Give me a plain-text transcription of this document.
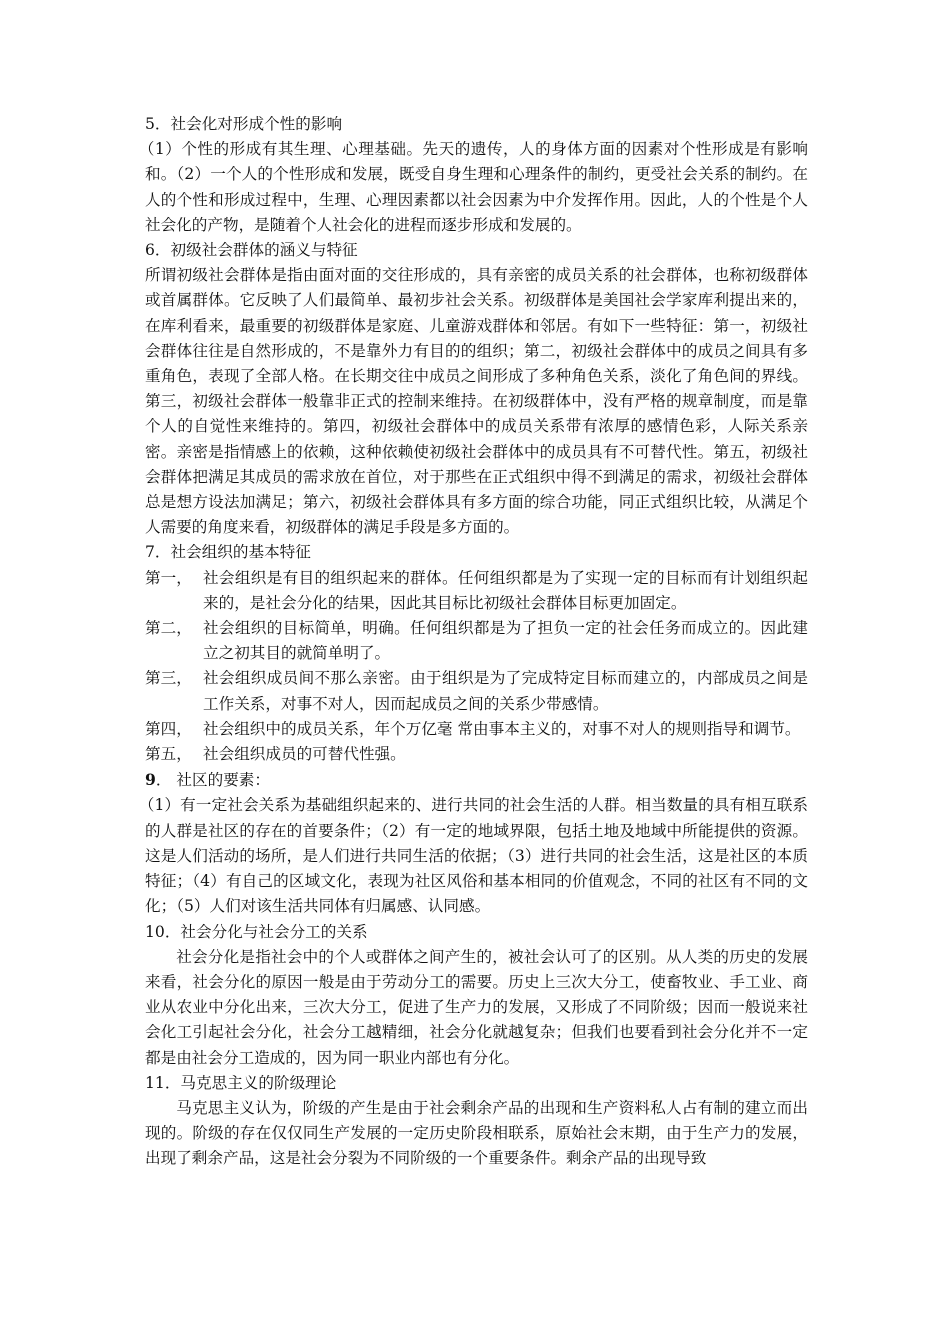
5．社会化对形成个性的影响

（1）个性的形成有其生理、心理基础。先天的遗传，人的身体方面的因素对个性形成是有影响和。（2）一个人的个性形成和发展，既受自身生理和心理条件的制约，更受社会关系的制约。在人的个性和形成过程中，生理、心理因素都以社会因素为中介发挥作用。因此，人的个性是个人社会化的产物，是随着个人社会化的进程而逐步形成和发展的。

6．初级社会群体的涵义与特征

所谓初级社会群体是指由面对面的交往形成的，具有亲密的成员关系的社会群体，也称初级群体或首属群体。它反映了人们最简单、最初步社会关系。初级群体是美国社会学家库利提出来的，在库利看来，最重要的初级群体是家庭、儿童游戏群体和邻居。有如下一些特征：第一，初级社会群体往往是自然形成的，不是靠外力有目的的组织；第二，初级社会群体中的成员之间具有多重角色，表现了全部人格。在长期交往中成员之间形成了多种角色关系，淡化了角色间的界线。第三，初级社会群体一般靠非正式的控制来维持。在初级群体中，没有严格的规章制度，而是靠个人的自觉性来维持的。第四，初级社会群体中的成员关系带有浓厚的感情色彩，人际关系亲密。亲密是指情感上的依赖，这种依赖使初级社会群体中的成员具有不可替代性。第五，初级社会群体把满足其成员的需求放在首位，对于那些在正式组织中得不到满足的需求，初级社会群体总是想方设法加满足；第六，初级社会群体具有多方面的综合功能，同正式组织比较，从满足个人需要的角度来看，初级群体的满足手段是多方面的。

7．社会组织的基本特征

第一， 社会组织是有目的组织起来的群体。任何组织都是为了实现一定的目标而有计划组织起来的，是社会分化的结果，因此其目标比初级社会群体目标更加固定。
第二， 社会组织的目标简单，明确。任何组织都是为了担负一定的社会任务而成立的。因此建立之初其目的就简单明了。
第三， 社会组织成员间不那么亲密。由于组织是为了完成特定目标而建立的，内部成员之间是工作关系，对事不对人，因而起成员之间的关系少带感情。
第四， 社会组织中的成员关系，年个万亿毫 常由事本主义的，对事不对人的规则指导和调节。
第五， 社会组织成员的可替代性强。

9． 社区的要素：

（1）有一定社会关系为基础组织起来的、进行共同的社会生活的人群。相当数量的具有相互联系的人群是社区的存在的首要条件；（2）有一定的地域界限，包括土地及地域中所能提供的资源。这是人们活动的场所，是人们进行共同生活的依据；（3）进行共同的社会生活，这是社区的本质特征；（4）有自己的区域文化，表现为社区风俗和基本相同的价值观念，不同的社区有不同的文化；（5）人们对该生活共同体有归属感、认同感。

10．社会分化与社会分工的关系

社会分化是指社会中的个人或群体之间产生的，被社会认可了的区别。从人类的历史的发展来看，社会分化的原因一般是由于劳动分工的需要。历史上三次大分工，使畜牧业、手工业、商业从农业中分化出来，三次大分工，促进了生产力的发展，又形成了不同阶级；因而一般说来社会化工引起社会分化，社会分工越精细，社会分化就越复杂；但我们也要看到社会分化并不一定都是由社会分工造成的，因为同一职业内部也有分化。

11．马克思主义的阶级理论

马克思主义认为，阶级的产生是由于社会剩余产品的出现和生产资料私人占有制的建立而出现的。阶级的存在仅仅同生产发展的一定历史阶段相联系，原始社会末期，由于生产力的发展，出现了剩余产品，这是社会分裂为不同阶级的一个重要条件。剩余产品的出现导致
